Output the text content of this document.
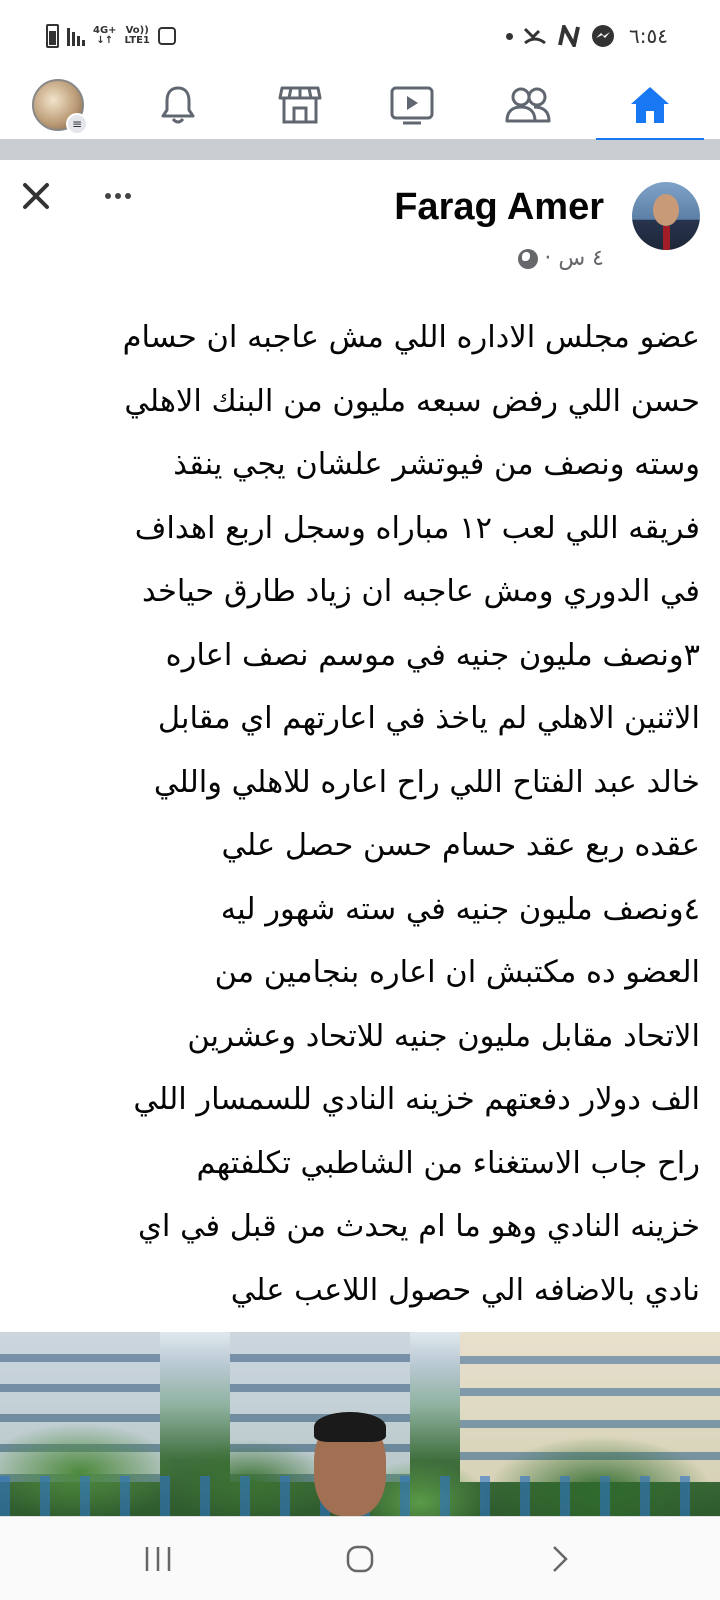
4G+
↓↑
Vo))
LTE1	٦:٥٤
≡
Farag Amer
٤ س ·
عضو مجلس الاداره اللي مش عاجبه ان حسام
حسن اللي رفض سبعه مليون من البنك الاهلي
وسته ونصف من فيوتشر علشان يجي ينقذ
فريقه اللي لعب ١٢ مباراه وسجل اربع اهداف
في الدوري ومش عاجبه ان زياد طارق حياخد
٣ونصف مليون جنيه في موسم نصف اعاره
الاثنين الاهلي لم ياخذ في اعارتهم اي مقابل
خالد عبد الفتاح اللي راح اعاره للاهلي واللي
عقده ربع عقد حسام حسن حصل علي
٤ونصف مليون جنيه في سته شهور ليه
العضو ده مكتبش ان اعاره بنجامين من
الاتحاد مقابل مليون جنيه للاتحاد وعشرين
الف دولار دفعتهم خزينه النادي للسمسار اللي
راح جاب الاستغناء من الشاطبي تكلفتهم
خزينه النادي وهو ما ام يحدث من قبل في اي
نادي بالاضافه الي حصول اللاعب علي
